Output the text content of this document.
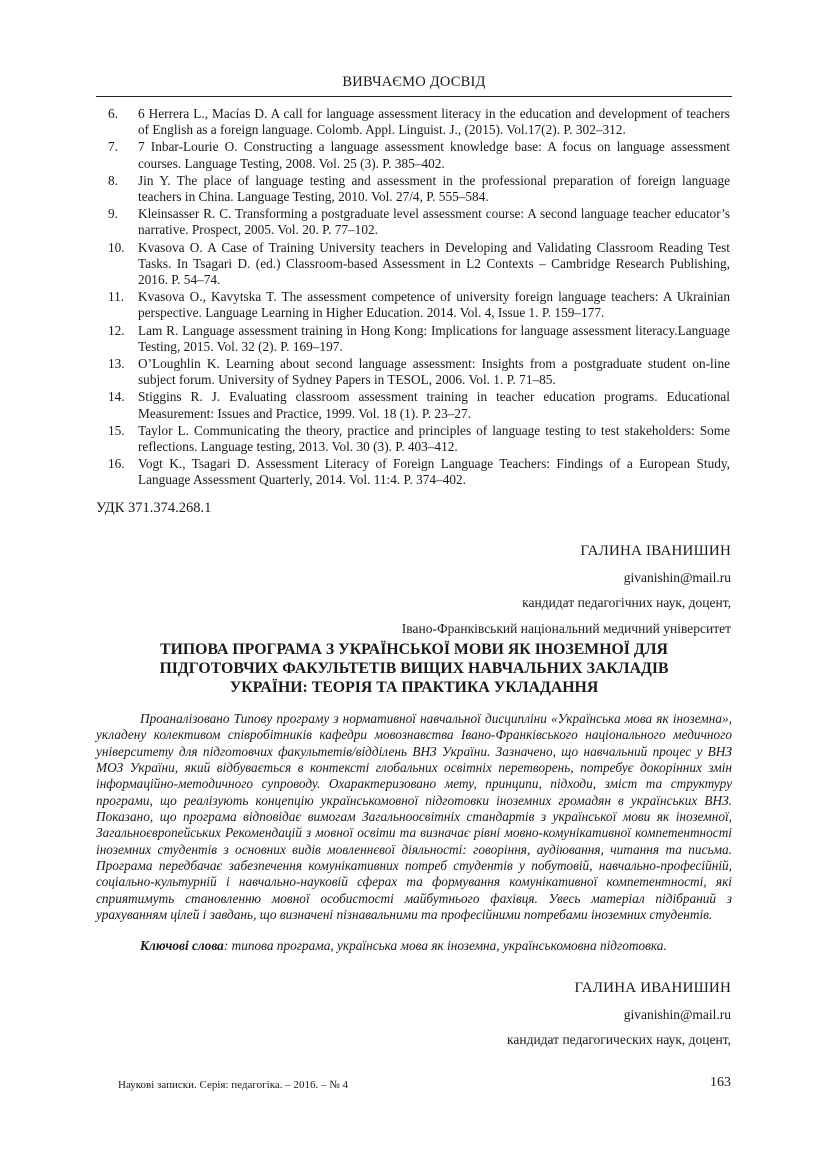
ВИВЧАЄМО ДОСВІД
6.	6 Herrera L., Macías D. A call for language assessment literacy in the education and development of teachers of English as a foreign language. Colomb. Appl. Linguist. J., (2015). Vol.17(2). P. 302–312.
7.	7 Inbar-Lourie O. Constructing a language assessment knowledge base: A focus on language assessment courses. Language Testing, 2008. Vol. 25 (3). P. 385–402.
8.	Jin Y. The place of language testing and assessment in the professional preparation of foreign language teachers in China. Language Testing, 2010. Vol. 27/4, P. 555–584.
9.	Kleinsasser R. C. Transforming a postgraduate level assessment course: A second language teacher educator’s narrative. Prospect, 2005. Vol. 20. P. 77–102.
10.	Kvasova O. A Case of Training University teachers in Developing and Validating Classroom Reading Test Tasks. In Tsagari D. (ed.) Classroom-based Assessment in L2 Contexts – Cambridge Research Publishing, 2016. P. 54–74.
11.	Kvasova O., Kavytska T. The assessment competence of university foreign language teachers: A Ukrainian perspective. Language Learning in Higher Education. 2014. Vol. 4, Issue 1. P. 159–177.
12.	Lam R. Language assessment training in Hong Kong: Implications for language assessment literacy.Language Testing, 2015. Vol. 32 (2). P. 169–197.
13.	O’Loughlin K. Learning about second language assessment: Insights from a postgraduate student on-line subject forum. University of Sydney Papers in TESOL, 2006. Vol. 1. P. 71–85.
14.	Stiggins R. J. Evaluating classroom assessment training in teacher education programs. Educational Measurement: Issues and Practice, 1999. Vol. 18 (1). P. 23–27.
15.	Taylor L. Communicating the theory, practice and principles of language testing to test stakeholders: Some reflections. Language testing, 2013. Vol. 30 (3). P. 403–412.
16.	Vogt K., Tsagari D. Assessment Literacy of Foreign Language Teachers: Findings of a European Study, Language Assessment Quarterly, 2014. Vol. 11:4. P. 374–402.
УДК 371.374.268.1
ГАЛИНА ІВАНИШИН
givanishin@mail.ru
кандидат педагогічних наук, доцент,
Івано-Франківський національний медичний університет
ТИПОВА ПРОГРАМА З УКРАЇНСЬКОЇ МОВИ ЯК ІНОЗЕМНОЇ ДЛЯ
ПІДГОТОВЧИХ ФАКУЛЬТЕТІВ ВИЩИХ НАВЧАЛЬНИХ ЗАКЛАДІВ
УКРАЇНИ: ТЕОРІЯ ТА ПРАКТИКА УКЛАДАННЯ

Проаналізовано Типову програму з нормативної навчальної дисципліни «Українська мова як іноземна», укладену колективом співробітників кафедри мовознавства Івано-Франківського національного медичного університету для підготовчих факультетів/відділень ВНЗ України. Зазначено, що навчальний процес у ВНЗ МОЗ України, який відбувається в контексті глобальних освітніх перетворень, потребує докорінних змін інформаційно-методичного супроводу. Охарактеризовано мету, принципи, підходи, зміст та структуру програми, що реалізують концепцію українськомовної підготовки іноземних громадян в українських ВНЗ. Показано, що програма відповідає вимогам Загальноосвітніх стандартів з української мови як іноземної, Загальноєвропейських Рекомендацій з мовної освіти та визначає рівні мовно-комунікативної компетентності іноземних студентів з основних видів мовленнєвої діяльності: говоріння, аудіювання, читання та письма. Програма передбачає забезпечення комунікативних потреб студентів у побутовій, навчально-професійній, соціально-культурній і навчально-науковій сферах та формування комунікативної компетентності, які сприятимуть становленню мовної особистості майбутнього фахівця. Увесь матеріал підібраний з урахуванням цілей і завдань, що визначені пізнавальними та професійними потребами іноземних студентів.

Ключові слова: типова програма, українська мова як іноземна, українськомовна підготовка.

ГАЛИНА ИВАНИШИН
givanishin@mail.ru
кандидат педагогических наук, доцент,
Наукові записки. Серія: педагогіка. – 2016. – № 4	163
